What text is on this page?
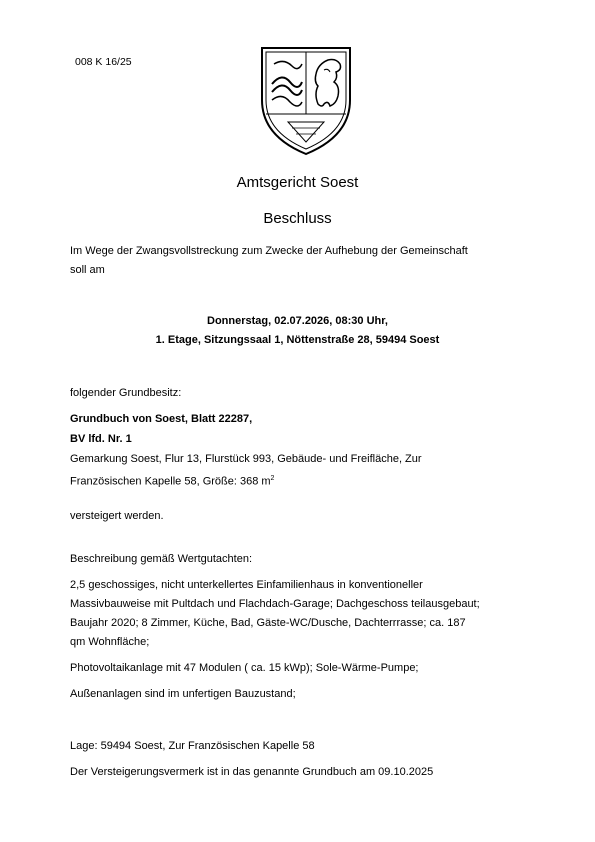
008 K 16/25
Amtsgericht Soest
Beschluss
Im Wege der Zwangsvollstreckung zum Zwecke der Aufhebung der Gemeinschaft
soll am
Donnerstag, 02.07.2026, 08:30 Uhr,
1. Etage, Sitzungssaal 1, Nöttenstraße 28, 59494 Soest
folgender Grundbesitz:
Grundbuch von Soest, Blatt 22287,
BV lfd. Nr. 1
Gemarkung Soest, Flur 13, Flurstück 993, Gebäude- und Freifläche, Zur
Französischen Kapelle 58, Größe: 368 $m^2$
versteigert werden.
Beschreibung gemäß Wertgutachten:
2,5 geschossiges, nicht unterkellertes Einfamilienhaus in konventioneller
Massivbauweise mit Pultdach und Flachdach-Garage; Dachgeschoss teilausgebaut;
Baujahr 2020; 8 Zimmer, Küche, Bad, Gäste-WC/Dusche, Dachterrrasse; ca. 187
qm Wohnfläche;
Photovoltaikanlage mit 47 Modulen ( ca. 15 kWp); Sole-Wärme-Pumpe;
Außenanlagen sind im unfertigen Bauzustand;
Lage: 59494 Soest, Zur Französischen Kapelle 58
Der Versteigerungsvermerk ist in das genannte Grundbuch am 09.10.2025
